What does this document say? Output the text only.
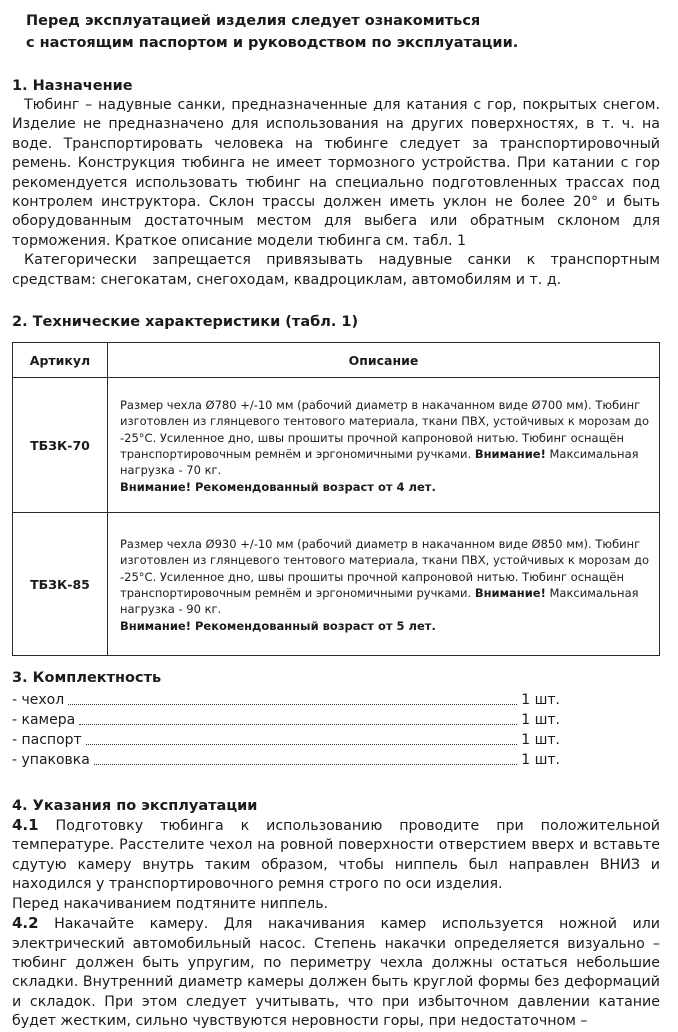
Перед эксплуатацией изделия следует ознакомиться
с настоящим паспортом и руководством по эксплуатации.
1. Назначение

Тюбинг – надувные санки, предназначенные для катания с гор, покрытых снегом. Изделие не предназначено для использования на других поверхностях, в т. ч. на воде. Транспортировать человека на тюбинге следует за транспортировочный ремень. Конструкция тюбинга не имеет тормозного устройства. При катании с гор рекомендуется использовать тюбинг на специально подготовленных трассах под контролем инструктора. Склон трассы должен иметь уклон не более 20° и быть оборудованным достаточным местом для выбега или обратным склоном для торможения. Краткое описание модели тюбинга см. табл. 1

Категорически запрещается привязывать надувные санки к транспортным средствам: снегокатам, снегоходам, квадроциклам, автомобилям и т. д.

2. Технические характеристики (табл. 1)
Артикул	Описание
ТБЗК-70	Размер чехла Ø780 +/-10 мм (рабочий диаметр в накачанном виде Ø700 мм). Тюбинг изготовлен из глянцевого тентового материала, ткани ПВХ, устойчивых к морозам до -25°С. Усиленное дно, швы прошиты прочной капроновой нитью. Тюбинг оснащён транспортировочным ремнём и эргономичными ручками. Внимание! Максимальная нагрузка - 70 кг.
Внимание! Рекомендованный возраст от 4 лет.
ТБЗК-85	Размер чехла Ø930 +/-10 мм (рабочий диаметр в накачанном виде Ø850 мм). Тюбинг изготовлен из глянцевого тентового материала, ткани ПВХ, устойчивых к морозам до -25°С. Усиленное дно, швы прошиты прочной капроновой нитью. Тюбинг оснащён транспортировочным ремнём и эргономичными ручками. Внимание! Максимальная нагрузка - 90 кг.
Внимание! Рекомендованный возраст от 5 лет.
3. Комплектность
- чехол	1 шт.
- камера	1 шт.
- паспорт	1 шт.
- упаковка	1 шт.
4. Указания по эксплуатации

4.1 Подготовку тюбинга к использованию проводите при положительной температуре. Расстелите чехол на ровной поверхности отверстием вверх и вставьте сдутую камеру внутрь таким образом, чтобы ниппель был направлен ВНИЗ и находился у транспортировочного ремня строго по оси изделия.

Перед накачиванием подтяните ниппель.

4.2 Накачайте камеру. Для накачивания камер используется ножной или электрический автомобильный насос. Степень накачки определяется визуально – тюбинг должен быть упругим, по периметру чехла должны остаться небольшие складки. Внутренний диаметр камеры должен быть круглой формы без деформаций и складок. При этом следует учитывать, что при избыточном давлении катание будет жестким, сильно чувствуются неровности горы, при недостаточном –
